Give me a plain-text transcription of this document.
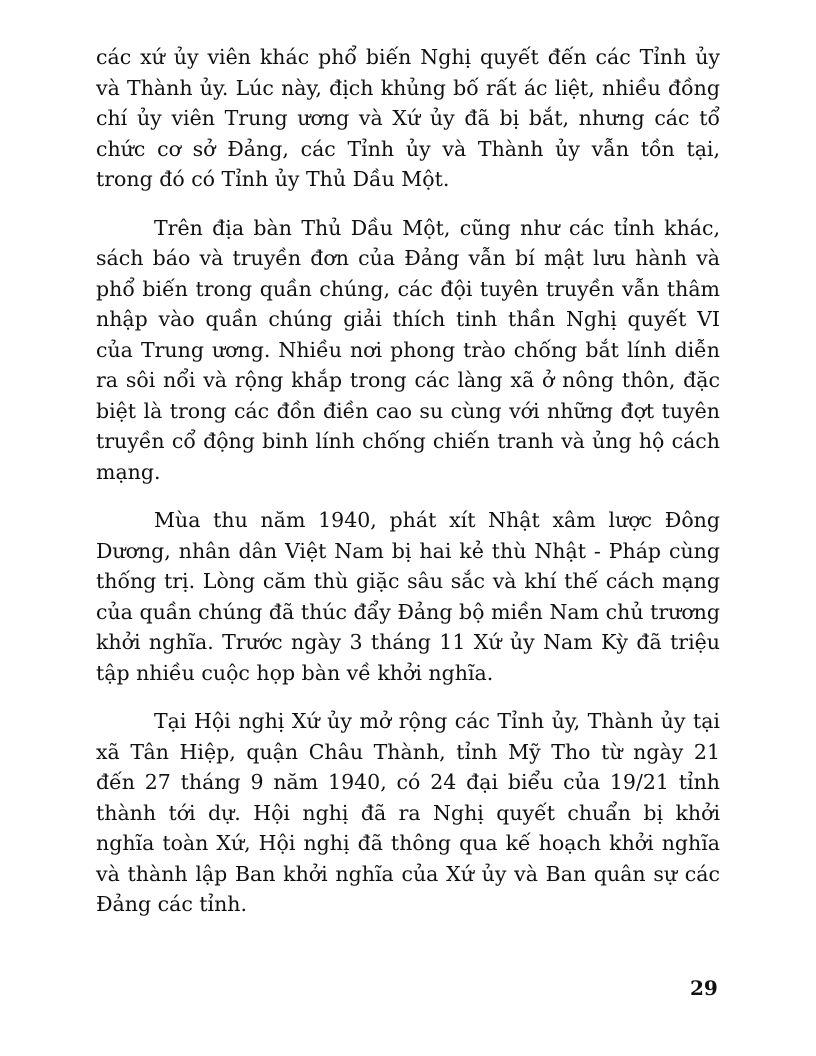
các xứ ủy viên khác phổ biến Nghị quyết đến các Tỉnh ủy và Thành ủy. Lúc này, địch khủng bố rất ác liệt, nhiều đồng chí ủy viên Trung ương và Xứ ủy đã bị bắt, nhưng các tổ chức cơ sở Đảng, các Tỉnh ủy và Thành ủy vẫn tồn tại, trong đó có Tỉnh ủy Thủ Dầu Một.

Trên địa bàn Thủ Dầu Một, cũng như các tỉnh khác, sách báo và truyền đơn của Đảng vẫn bí mật lưu hành và phổ biến trong quần chúng, các đội tuyên truyền vẫn thâm nhập vào quần chúng giải thích tinh thần Nghị quyết VI của Trung ương. Nhiều nơi phong trào chống bắt lính diễn ra sôi nổi và rộng khắp trong các làng xã ở nông thôn, đặc biệt là trong các đồn điền cao su cùng với những đợt tuyên truyền cổ động binh lính chống chiến tranh và ủng hộ cách mạng.

Mùa thu năm 1940, phát xít Nhật xâm lược Đông Dương, nhân dân Việt Nam bị hai kẻ thù Nhật - Pháp cùng thống trị. Lòng căm thù giặc sâu sắc và khí thế cách mạng của quần chúng đã thúc đẩy Đảng bộ miền Nam chủ trương khởi nghĩa. Trước ngày 3 tháng 11 Xứ ủy Nam Kỳ đã triệu tập nhiều cuộc họp bàn về khởi nghĩa.

Tại Hội nghị Xứ ủy mở rộng các Tỉnh ủy, Thành ủy tại xã Tân Hiệp, quận Châu Thành, tỉnh Mỹ Tho từ ngày 21 đến 27 tháng 9 năm 1940, có 24 đại biểu của 19/21 tỉnh thành tới dự. Hội nghị đã ra Nghị quyết chuẩn bị khởi nghĩa toàn Xứ, Hội nghị đã thông qua kế hoạch khởi nghĩa và thành lập Ban khởi nghĩa của Xứ ủy và Ban quân sự các Đảng các tỉnh.

29
